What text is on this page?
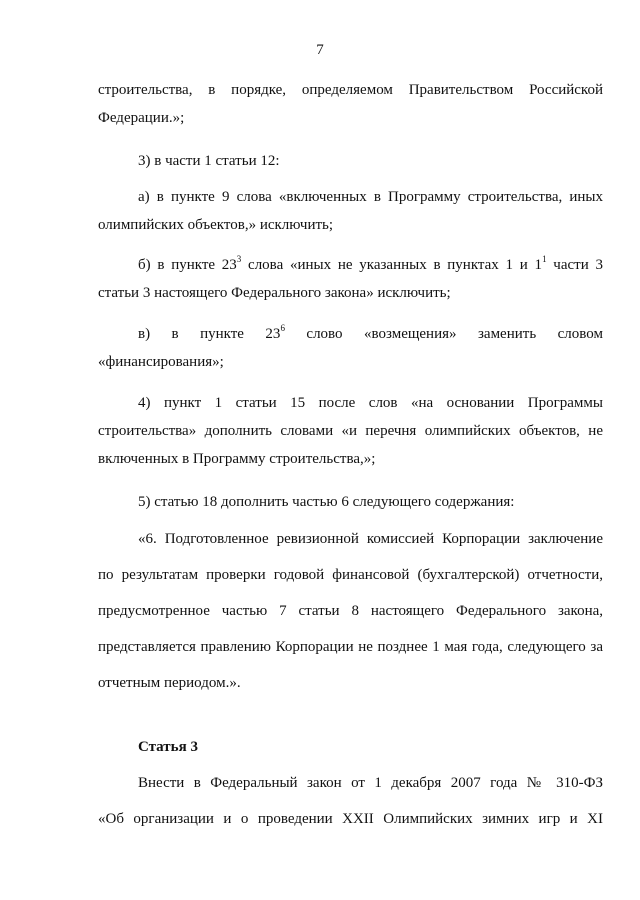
7
строительства, в порядке, определяемом Правительством Российской
Федерации.»;
3) в части 1 статьи 12:
а) в пункте 9 слова «включенных в Программу строительства, иных
олимпийских объектов,» исключить;
б) в пункте $23^3$ слова «иных не указанных в пунктах 1 и $1^1$ части 3
статьи 3 настоящего Федерального закона» исключить;
в) в пункте $23^6$ слово «возмещения» заменить словом
«финансирования»;
4) пункт 1 статьи 15 после слов «на основании Программы
строительства» дополнить словами «и перечня олимпийских объектов, не
включенных в Программу строительства,»;
5) статью 18 дополнить частью 6 следующего содержания:
«6. Подготовленное ревизионной комиссией Корпорации заключение
по результатам проверки годовой финансовой (бухгалтерской) отчетности,
предусмотренное частью 7 статьи 8 настоящего Федерального закона,
представляется правлению Корпорации не позднее 1 мая года, следующего за
отчетным периодом.».
Статья 3
Внести в Федеральный закон от 1 декабря 2007 года № 310-ФЗ
«Об организации и о проведении XXII Олимпийских зимних игр и XI
